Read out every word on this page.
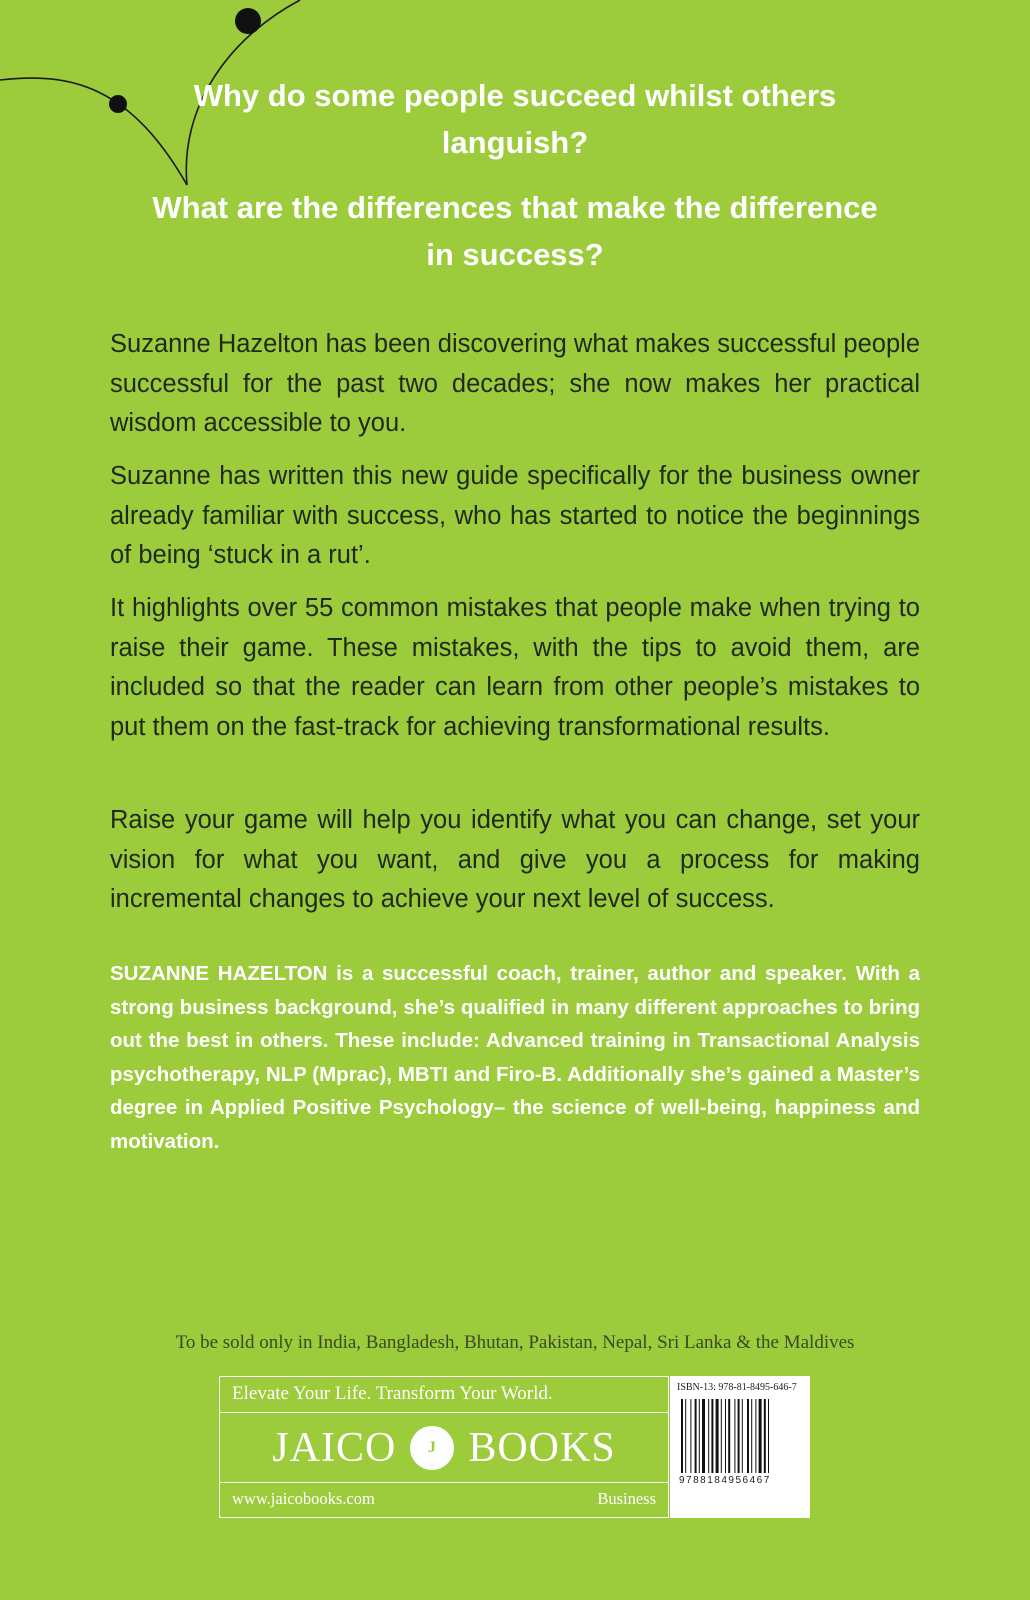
Why do some people succeed whilst others languish?
What are the differences that make the difference in success?

Suzanne Hazelton has been discovering what makes successful people successful for the past two decades; she now makes her practical wisdom accessible to you.

Suzanne has written this new guide specifically for the business owner already familiar with success, who has started to notice the beginnings of being ‘stuck in a rut’.

It highlights over 55 common mistakes that people make when trying to raise their game. These mistakes, with the tips to avoid them, are included so that the reader can learn from other people’s mistakes to put them on the fast-track for achieving transformational results.

Raise your game will help you identify what you can change, set your vision for what you want, and give you a process for making incremental changes to achieve your next level of success.

SUZANNE HAZELTON is a successful coach, trainer, author and speaker. With a strong business background, she’s qualified in many different approaches to bring out the best in others. These include: Advanced training in Transactional Analysis psychotherapy, NLP (Mprac), MBTI and Firo-B. Additionally she’s gained a Master’s degree in Applied Positive Psychology– the science of well-being, happiness and motivation.

To be sold only in India, Bangladesh, Bhutan, Pakistan, Nepal, Sri Lanka & the Maldives
Elevate Your Life. Transform Your World.
JAICO J BOOKS
www.jaicobooks.com	Business
ISBN-13: 978-81-8495-646-7
9788184956467
